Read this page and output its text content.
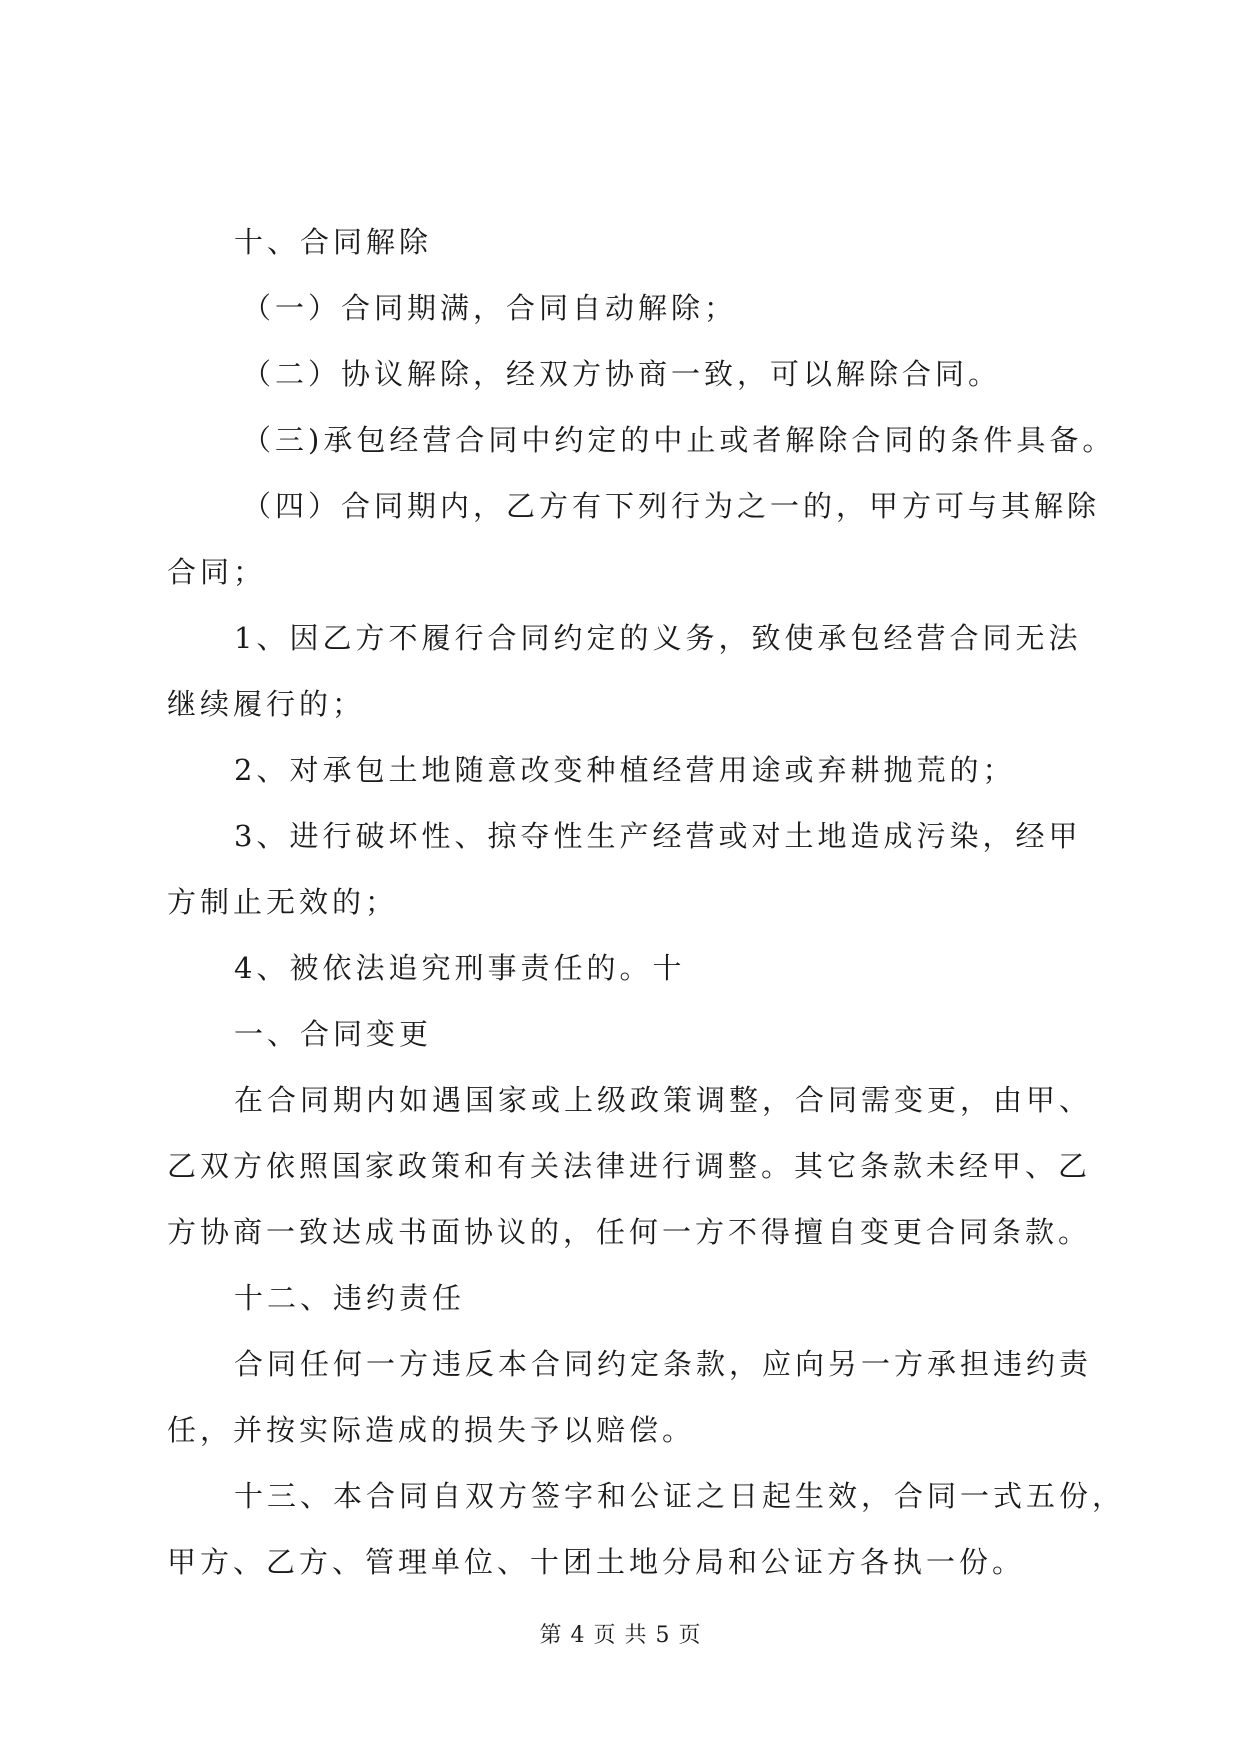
十、合同解除
（一）合同期满，合同自动解除；
（二）协议解除，经双方协商一致，可以解除合同。
（三)承包经营合同中约定的中止或者解除合同的条件具备。
（四）合同期内，乙方有下列行为之一的，甲方可与其解除
合同；
1、因乙方不履行合同约定的义务，致使承包经营合同无法
继续履行的；
2、对承包土地随意改变种植经营用途或弃耕抛荒的；
3、进行破坏性、掠夺性生产经营或对土地造成污染，经甲
方制止无效的；
4、被依法追究刑事责任的。十
一、合同变更
在合同期内如遇国家或上级政策调整，合同需变更，由甲、
乙双方依照国家政策和有关法律进行调整。其它条款未经甲、乙
方协商一致达成书面协议的，任何一方不得擅自变更合同条款。
十二、违约责任
合同任何一方违反本合同约定条款，应向另一方承担违约责
任，并按实际造成的损失予以赔偿。
十三、本合同自双方签字和公证之日起生效，合同一式五份，
甲方、乙方、管理单位、十团土地分局和公证方各执一份。
第 4 页 共 5 页
